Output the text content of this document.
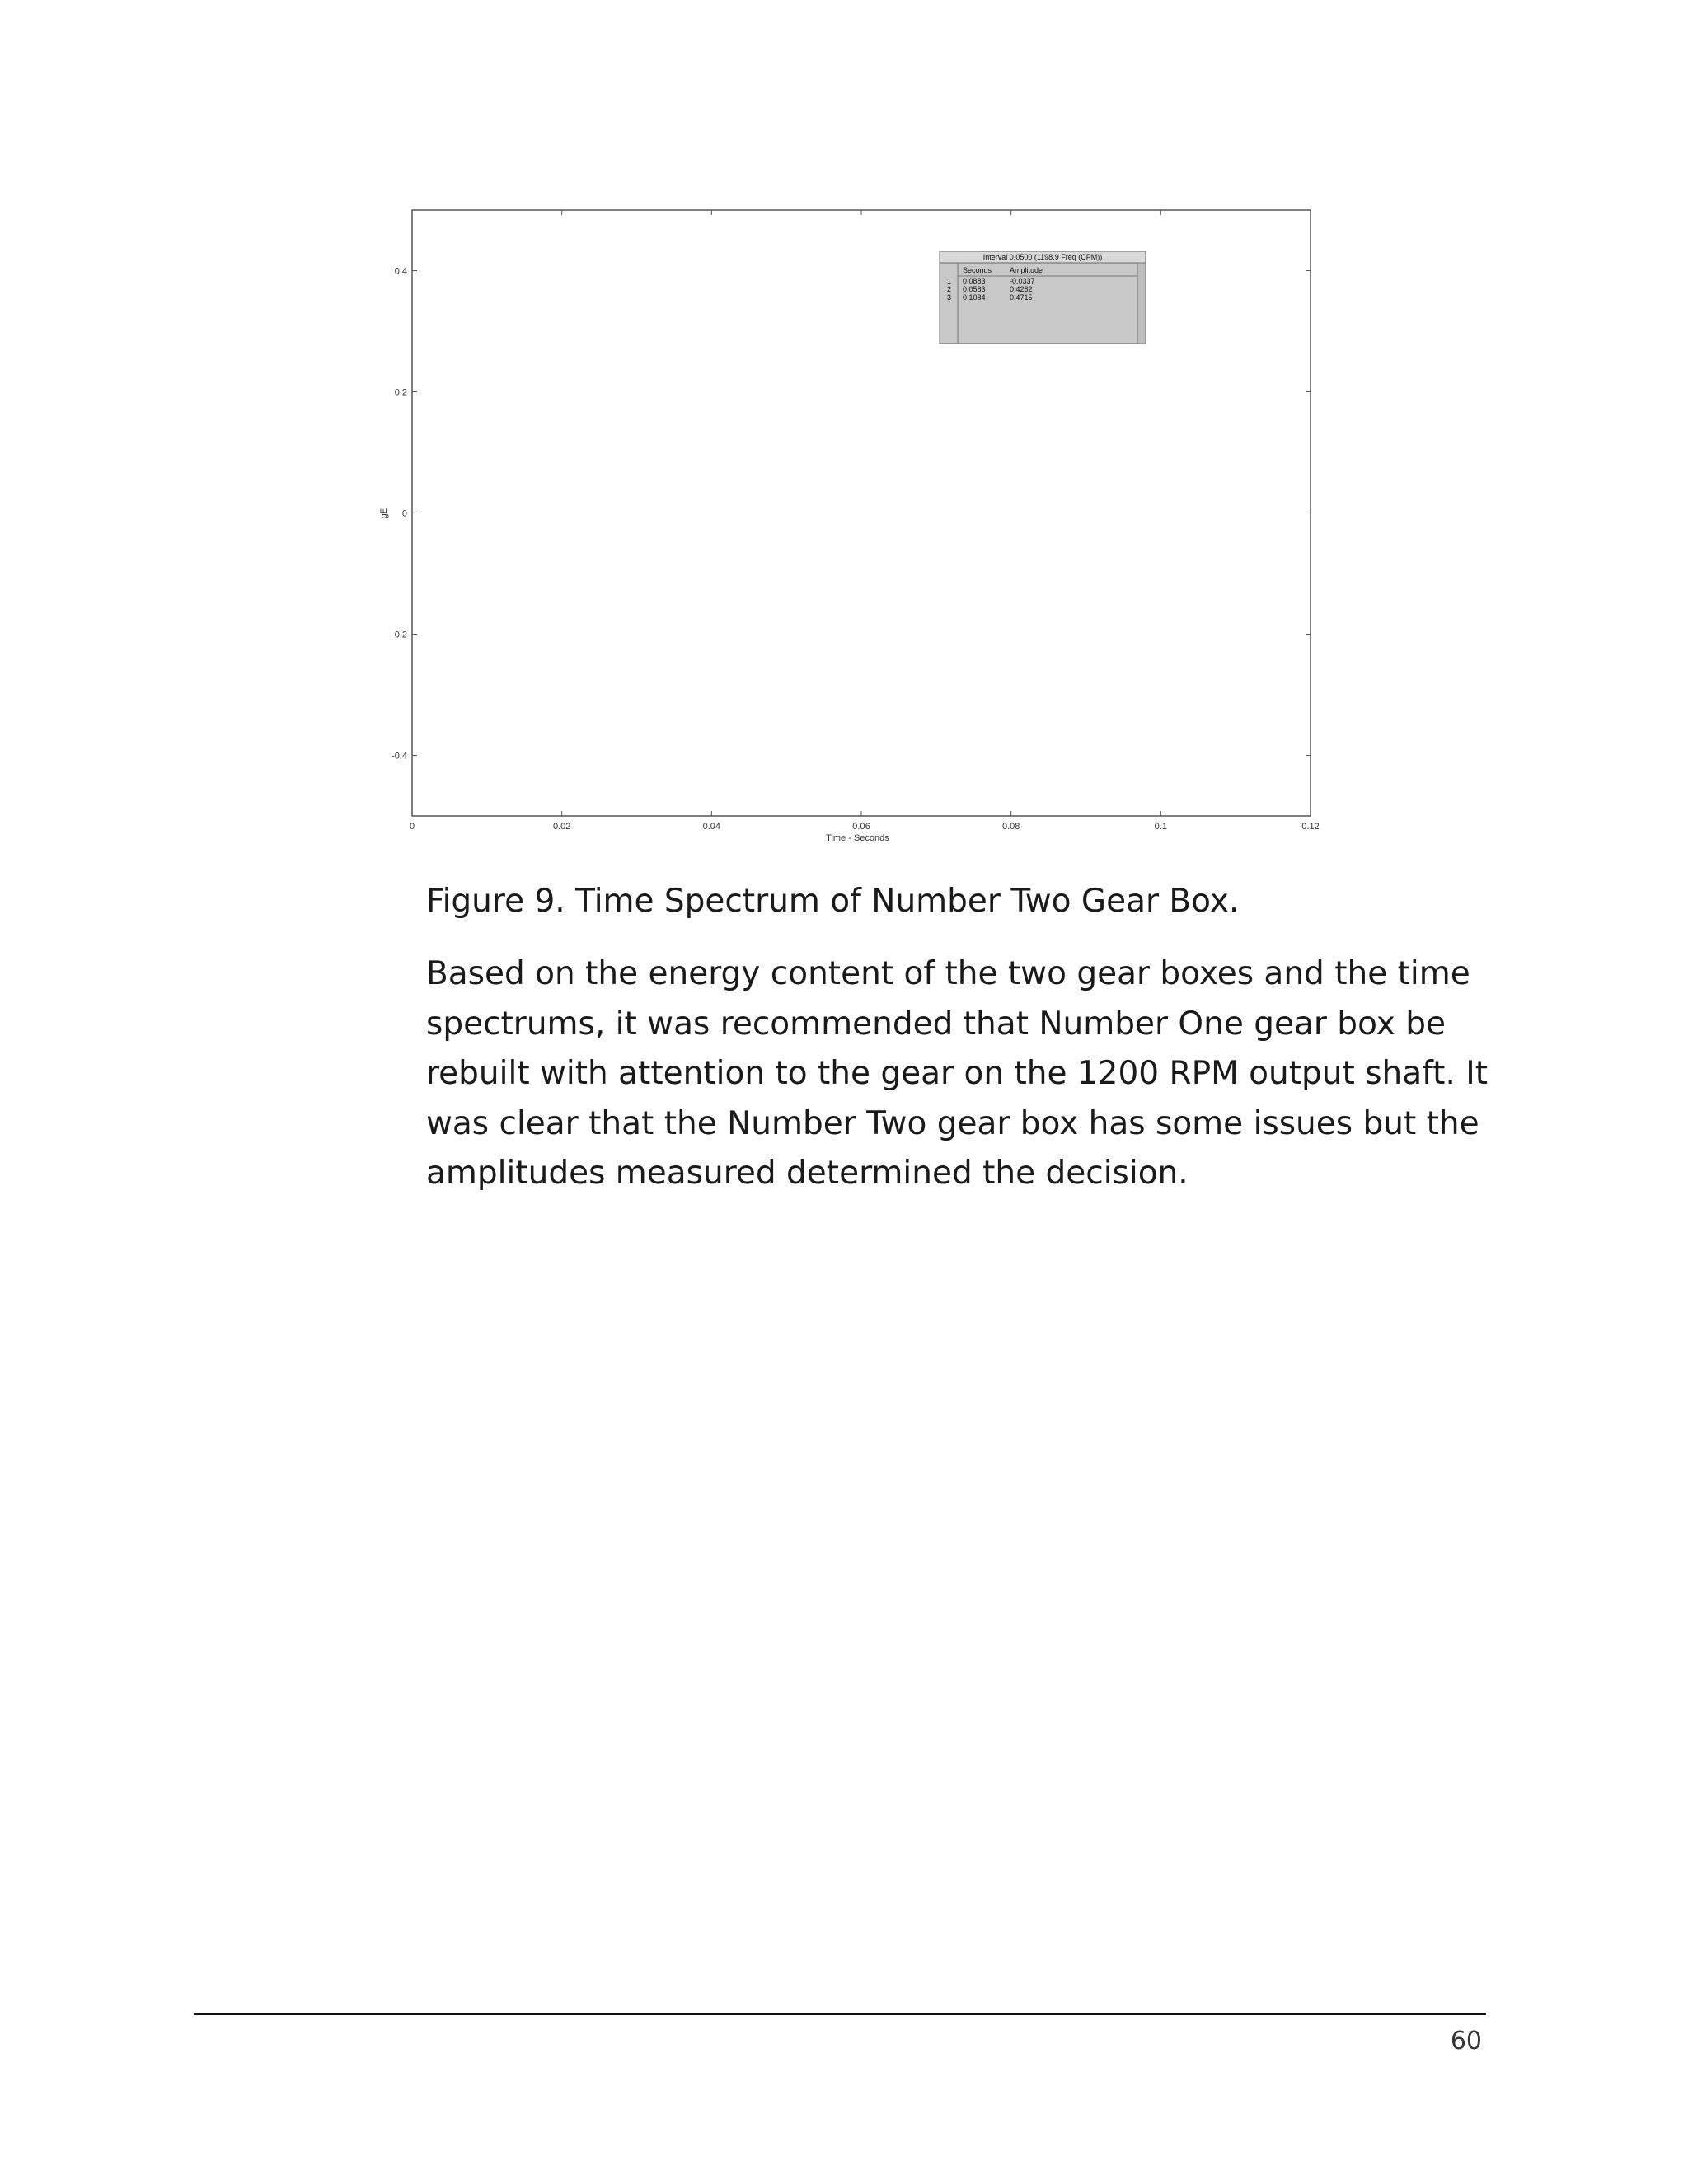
0	0.02	0.04	0.06	0.08	0.1	0.12
0.4
0.2
0
-0.2
-0.4
Time - Seconds
gE
Interval 0.0500 (1198.9 Freq (CPM))
Seconds Amplitude
1 0.0883	-0.0337
2 0.0583	0.4282
3 0.1084	0.4715

Figure 9. Time Spectrum of Number Two Gear Box.

Based on the energy content of the two gear boxes and the time spectrums, it was recommended that Number One gear box be rebuilt with attention to the gear on the 1200 RPM output shaft. It was clear that the Number Two gear box has some issues but the amplitudes measured determined the decision.

60
